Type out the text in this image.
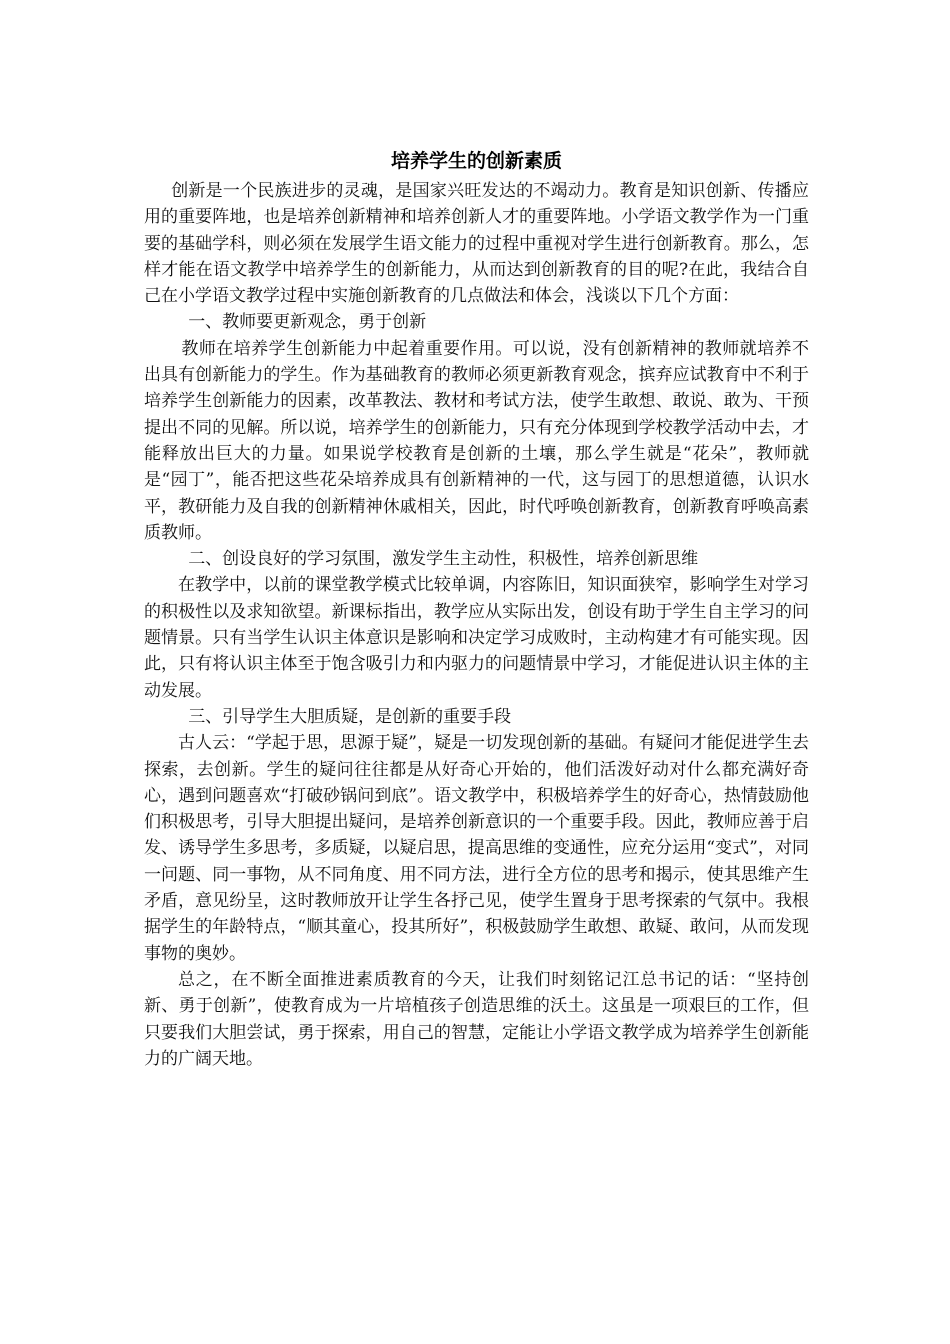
培养学生的创新素质

创新是一个民族进步的灵魂，是国家兴旺发达的不竭动力。教育是知识创新、传播应用的重要阵地，也是培养创新精神和培养创新人才的重要阵地。小学语文教学作为一门重要的基础学科，则必须在发展学生语文能力的过程中重视对学生进行创新教育。那么，怎样才能在语文教学中培养学生的创新能力，从而达到创新教育的目的呢?在此，我结合自己在小学语文教学过程中实施创新教育的几点做法和体会，浅谈以下几个方面：

一、教师要更新观念，勇于创新

教师在培养学生创新能力中起着重要作用。可以说，没有创新精神的教师就培养不出具有创新能力的学生。作为基础教育的教师必须更新教育观念，摈弃应试教育中不利于培养学生创新能力的因素，改革教法、教材和考试方法，使学生敢想、敢说、敢为、干预提出不同的见解。所以说，培养学生的创新能力，只有充分体现到学校教学活动中去，才能释放出巨大的力量。如果说学校教育是创新的土壤，那么学生就是“花朵”，教师就是“园丁”，能否把这些花朵培养成具有创新精神的一代，这与园丁的思想道德，认识水平，教研能力及自我的创新精神休戚相关，因此，时代呼唤创新教育，创新教育呼唤高素质教师。

二、创设良好的学习氛围，激发学生主动性，积极性，培养创新思维

在教学中，以前的课堂教学模式比较单调，内容陈旧，知识面狭窄，影响学生对学习的积极性以及求知欲望。新课标指出，教学应从实际出发，创设有助于学生自主学习的问题情景。只有当学生认识主体意识是影响和决定学习成败时，主动构建才有可能实现。因此，只有将认识主体至于饱含吸引力和内驱力的问题情景中学习，才能促进认识主体的主动发展。

三、引导学生大胆质疑，是创新的重要手段

古人云：“学起于思，思源于疑”，疑是一切发现创新的基础。有疑问才能促进学生去探索，去创新。学生的疑问往往都是从好奇心开始的，他们活泼好动对什么都充满好奇心，遇到问题喜欢“打破砂锅问到底”。语文教学中，积极培养学生的好奇心，热情鼓励他们积极思考，引导大胆提出疑问，是培养创新意识的一个重要手段。因此，教师应善于启发、诱导学生多思考，多质疑，以疑启思，提高思维的变通性，应充分运用“变式”，对同一问题、同一事物，从不同角度、用不同方法，进行全方位的思考和揭示，使其思维产生矛盾，意见纷呈，这时教师放开让学生各抒己见，使学生置身于思考探索的气氛中。我根据学生的年龄特点，“顺其童心，投其所好”，积极鼓励学生敢想、敢疑、敢问，从而发现事物的奥妙。

总之，在不断全面推进素质教育的今天，让我们时刻铭记江总书记的话：“坚持创新、勇于创新”，使教育成为一片培植孩子创造思维的沃土。这虽是一项艰巨的工作，但只要我们大胆尝试，勇于探索，用自己的智慧，定能让小学语文教学成为培养学生创新能力的广阔天地。
